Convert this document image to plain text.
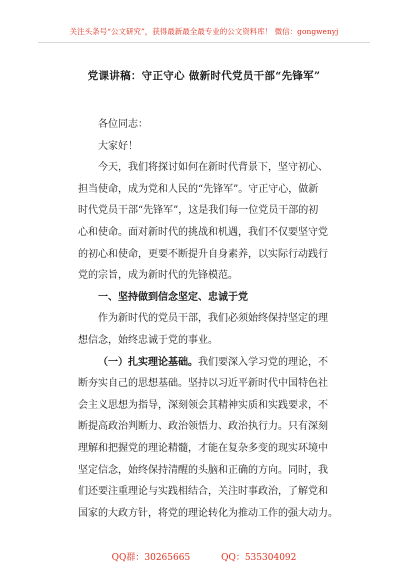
关注头条号“公文研究”，获得最新最全最专业的公文资料库！ 微信：gongwenyj
党课讲稿：守正守心 做新时代党员干部“先锋军”
各位同志：
大家好！
今天，我们将探讨如何在新时代背景下，坚守初心、
担当使命，成为党和人民的“先锋军”。守正守心，做新
时代党员干部“先锋军”，这是我们每一位党员干部的初
心和使命。面对新时代的挑战和机遇，我们不仅要坚守党
的初心和使命，更要不断提升自身素养，以实际行动践行
党的宗旨，成为新时代的先锋模范。
一、坚持做到信念坚定、忠诚于党
作为新时代的党员干部，我们必须始终保持坚定的理
想信念，始终忠诚于党的事业。
（一）扎实理论基础。我们要深入学习党的理论，不
断夯实自己的思想基础。坚持以习近平新时代中国特色社
会主义思想为指导，深刻领会其精神实质和实践要求，不
断提高政治判断力、政治领悟力、政治执行力。只有深刻
理解和把握党的理论精髓，才能在复杂多变的现实环境中
坚定信念，始终保持清醒的头脑和正确的方向。同时，我
们还要注重理论与实践相结合，关注时事政治，了解党和
国家的大政方针，将党的理论转化为推动工作的强大动力。
QQ群：30265665	QQ：535304092
